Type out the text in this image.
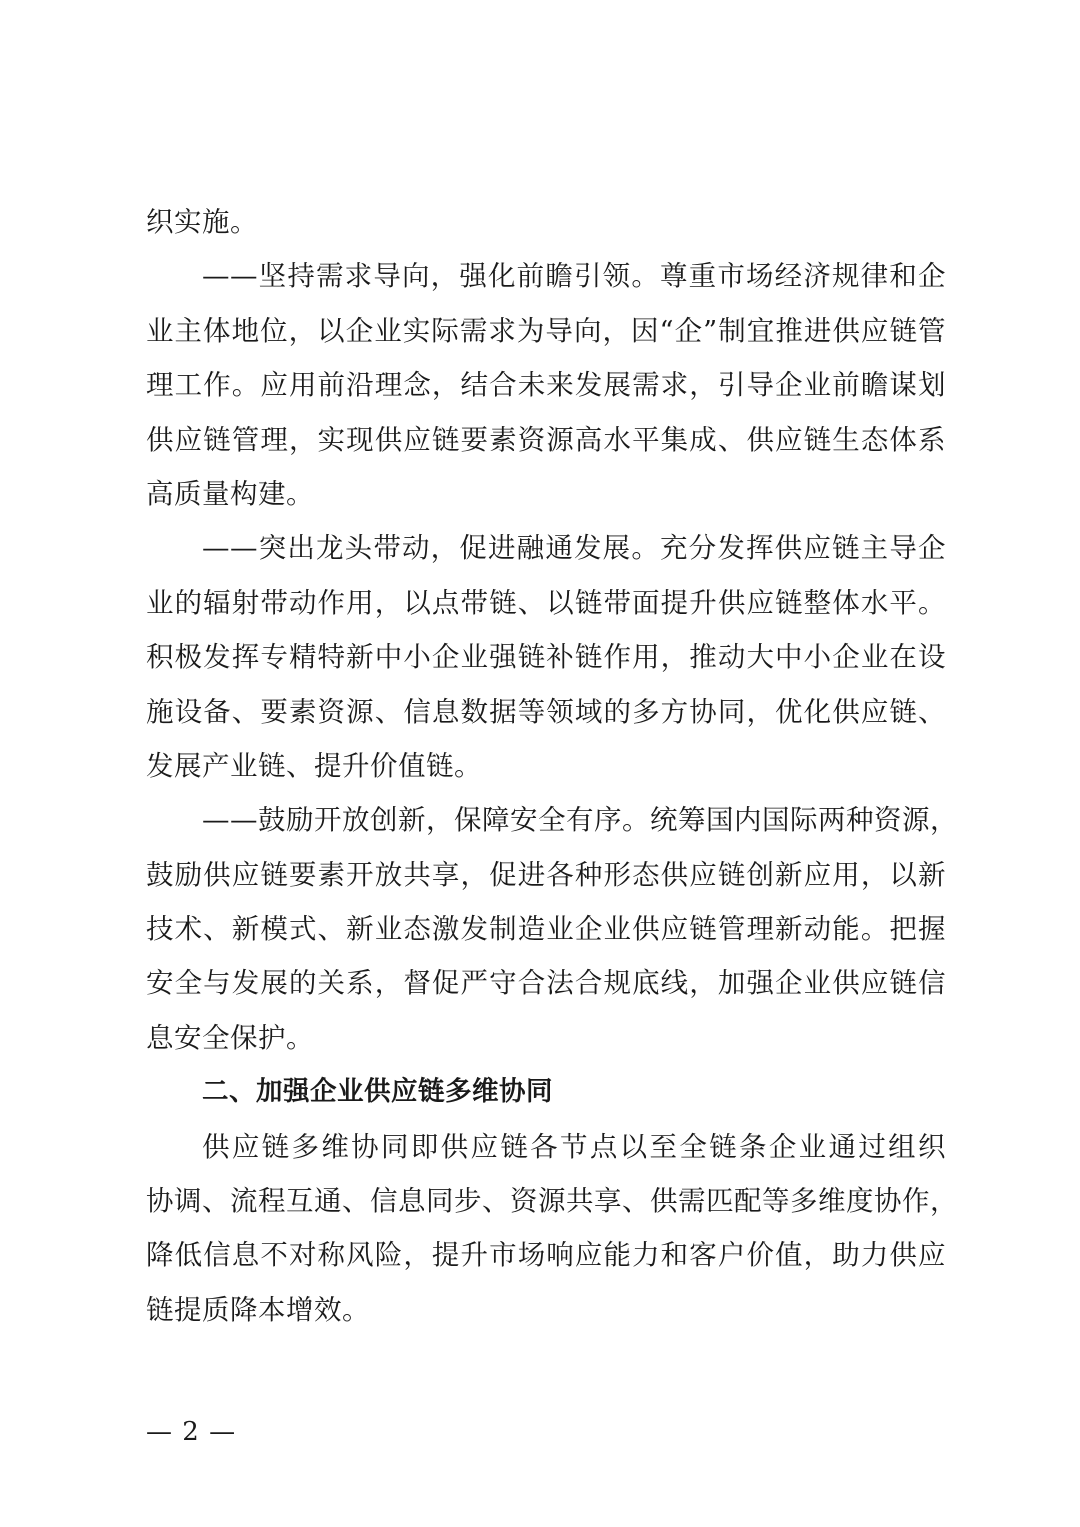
织实施。
——坚持需求导向，强化前瞻引领。尊重市场经济规律和企
业主体地位，以企业实际需求为导向，因“企”制宜推进供应链管
理工作。应用前沿理念，结合未来发展需求，引导企业前瞻谋划
供应链管理，实现供应链要素资源高水平集成、供应链生态体系
高质量构建。
——突出龙头带动，促进融通发展。充分发挥供应链主导企
业的辐射带动作用，以点带链、以链带面提升供应链整体水平。
积极发挥专精特新中小企业强链补链作用，推动大中小企业在设
施设备、要素资源、信息数据等领域的多方协同，优化供应链、
发展产业链、提升价值链。
——鼓励开放创新，保障安全有序。统筹国内国际两种资源，
鼓励供应链要素开放共享，促进各种形态供应链创新应用，以新
技术、新模式、新业态激发制造业企业供应链管理新动能。把握
安全与发展的关系，督促严守合法合规底线，加强企业供应链信
息安全保护。
二、加强企业供应链多维协同
供应链多维协同即供应链各节点以至全链条企业通过组织
协调、流程互通、信息同步、资源共享、供需匹配等多维度协作，
降低信息不对称风险，提升市场响应能力和客户价值，助力供应
链提质降本增效。
— 2 —
